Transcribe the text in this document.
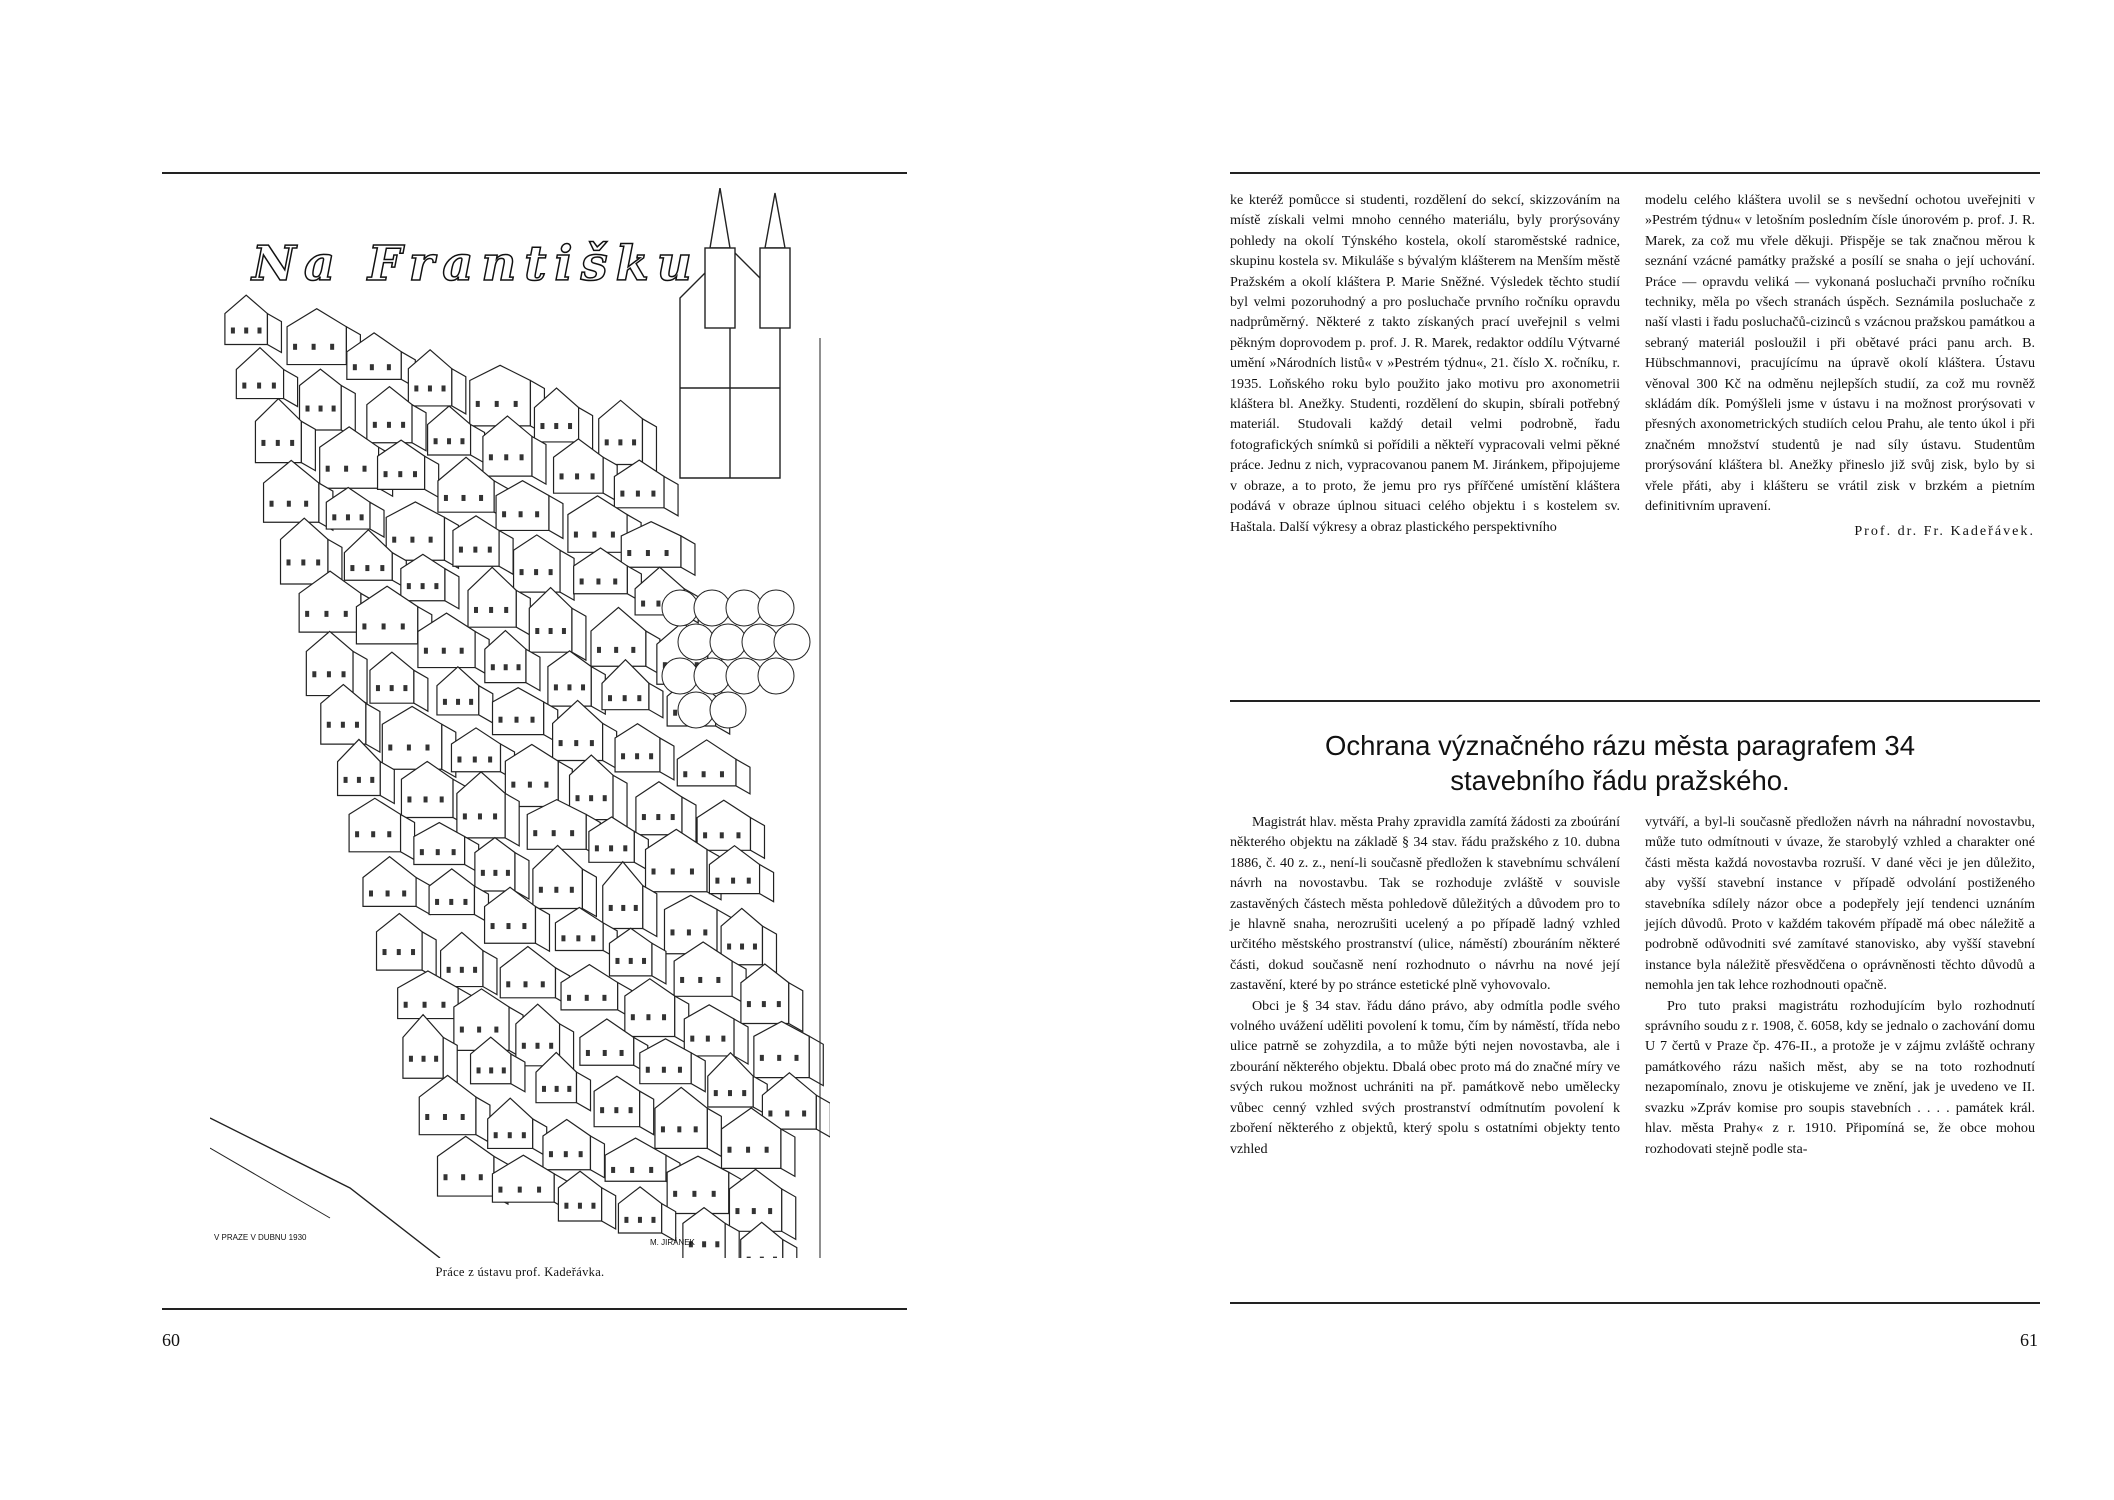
Na Františku
V PRAZE V DUBNU 1930
M. JIRÁNEK
Práce z ústavu prof. Kadeřávka.
60

ke kteréž pomůcce si studenti, rozdělení do sekcí, skizzováním na místě získali velmi mnoho cenného materiálu, byly prorýsovány pohledy na okolí Týnského kostela, okolí staroměstské radnice, skupinu kostela sv. Mikuláše s bývalým klášterem na Menším městě Pražském a okolí kláštera P. Marie Sněžné. Výsledek těchto studií byl velmi pozoruhodný a pro posluchače prvního ročníku opravdu nadprůměrný. Některé z takto získaných prací uveřejnil s velmi pěkným doprovodem p. prof. J. R. Marek, redaktor oddílu Výtvarné umění »Národních listů« v »Pestrém týdnu«, 21. číslo X. ročníku, r. 1935. Loňského roku bylo použito jako motivu pro axonometrii kláštera bl. Anežky. Studenti, rozdělení do skupin, sbírali potřebný materiál. Studovali každý detail velmi podrobně, řadu fotografických snímků si pořídili a někteří vypracovali velmi pěkné práce. Jednu z nich, vypracovanou panem M. Jiránkem, připojujeme v obraze, a to proto, že jemu pro rys přířčené umístění kláštera podává v obraze úplnou situaci celého objektu i s kostelem sv. Haštala. Další výkresy a obraz plastického perspektivního

modelu celého kláštera uvolil se s nevšední ochotou uveřejniti v »Pestrém týdnu« v letošním posledním čísle únorovém p. prof. J. R. Marek, za což mu vřele děkuji. Přispěje se tak značnou měrou k seznání vzácné památky pražské a posílí se snaha o její uchování. Práce — opravdu veliká — vykonaná posluchači prvního ročníku techniky, měla po všech stranách úspěch. Seznámila posluchače z naší vlasti i řadu posluchačů-cizinců s vzácnou pražskou památkou a sebraný materiál posloužil i při obětavé práci panu arch. B. Hübschmannovi, pracujícímu na úpravě okolí kláštera. Ústavu věnoval 300 Kč na odměnu nejlepších studií, za což mu rovněž skládám dík. Pomýšleli jsme v ústavu i na možnost prorýsovati v přesných axonometrických studiích celou Prahu, ale tento úkol i při značném množství studentů je nad síly ústavu. Studentům prorýsování kláštera bl. Anežky přineslo již svůj zisk, bylo by si vřele přáti, aby i klášteru se vrátil zisk v brzkém a pietním definitivním upravení.

Prof. dr. Fr. Kadeřávek.

Ochrana význačného rázu města paragrafem 34
stavebního řádu pražského.

Magistrát hlav. města Prahy zpravidla zamítá žádosti za zboúrání některého objektu na základě § 34 stav. řádu pražského z 10. dubna 1886, č. 40 z. z., není-li současně předložen k stavebnímu schválení návrh na novostavbu. Tak se rozhoduje zvláště v souvisle zastavěných částech města pohledově důležitých a důvodem pro to je hlavně snaha, nerozrušiti ucelený a po případě ladný vzhled určitého městského prostranství (ulice, náměstí) zbouráním některé části, dokud současně není rozhodnuto o návrhu na nové její zastavění, které by po stránce estetické plně vyhovovalo.

Obci je § 34 stav. řádu dáno právo, aby odmítla podle svého volného uvážení uděliti povolení k tomu, čím by náměstí, třída nebo ulice patrně se zohyzdila, a to může býti nejen novostavba, ale i zbourání některého objektu. Dbalá obec proto má do značné míry ve svých rukou možnost uchrániti na př. památkově nebo umělecky vůbec cenný vzhled svých prostranství odmítnutím povolení k zboření některého z objektů, který spolu s ostatními objekty tento vzhled

vytváří, a byl-li současně předložen návrh na náhradní novostavbu, může tuto odmítnouti v úvaze, že starobylý vzhled a charakter oné části města každá novostavba rozruší. V dané věci je jen důležito, aby vyšší stavební instance v případě odvolání postiženého stavebníka sdílely názor obce a podepřely její tendenci uznáním jejích důvodů. Proto v každém takovém případě má obec náležitě a podrobně odůvodniti své zamítavé stanovisko, aby vyšší stavební instance byla náležitě přesvědčena o oprávněnosti těchto důvodů a nemohla jen tak lehce rozhodnouti opačně.

Pro tuto praksi magistrátu rozhodujícím bylo rozhodnutí správního soudu z r. 1908, č. 6058, kdy se jednalo o zachování domu U 7 čertů v Praze čp. 476-II., a protože je v zájmu zvláště ochrany památkového rázu našich měst, aby se na toto rozhodnutí nezapomínalo, znovu je otiskujeme ve znění, jak je uvedeno ve II. svazku »Zpráv komise pro soupis stavebních . . . . památek král. hlav. města Prahy« z r. 1910. Připomíná se, že obce mohou rozhodovati stejně podle sta-

61
